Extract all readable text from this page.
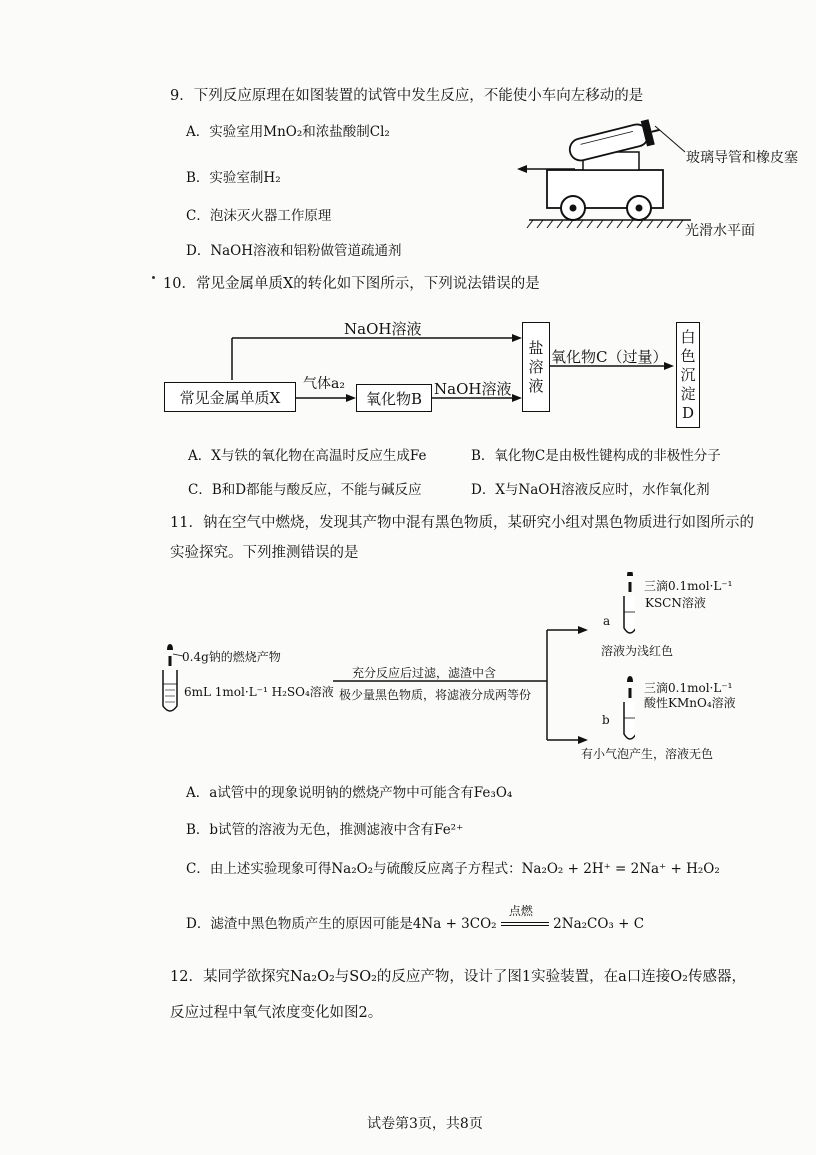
9．下列反应原理在如图装置的试管中发生反应，不能使小车向左移动的是
A．实验室用MnO₂和浓盐酸制Cl₂
B．实验室制H₂
C．泡沫灭火器工作原理
D．NaOH溶液和铝粉做管道疏通剂
玻璃导管和橡皮塞
光滑水平面
10．常见金属单质X的转化如下图所示，下列说法错误的是
常见金属单质X
气体a₂
氧化物B
NaOH溶液
NaOH溶液
盐
溶
液
氧化物C（过量）
白
色
沉
淀
D
A．X与铁的氧化物在高温时反应生成Fe	B．氧化物C是由极性键构成的非极性分子
C．B和D都能与酸反应，不能与碱反应	D．X与NaOH溶液反应时，水作氧化剂
11．钠在空气中燃烧，发现其产物中混有黑色物质，某研究小组对黑色物质进行如图所示的
实验探究。下列推测错误的是
0.4g钠的燃烧产物
6mL 1mol·L⁻¹ H₂SO₄溶液
充分反应后过滤，滤渣中含
极少量黑色物质，将滤液分成两等份
三滴0.1mol·L⁻¹
KSCN溶液
a
溶液为浅红色
三滴0.1mol·L⁻¹
酸性KMnO₄溶液
b
有小气泡产生，溶液无色
A．a试管中的现象说明钠的燃烧产物中可能含有Fe₃O₄
B．b试管的溶液为无色，推测滤液中含有Fe²⁺
C．由上述实验现象可得Na₂O₂与硫酸反应离子方程式：Na₂O₂ + 2H⁺ = 2Na⁺ + H₂O₂
D．滤渣中黑色物质产生的原因可能是4Na + 3CO₂
点燃
2Na₂CO₃ + C
12．某同学欲探究Na₂O₂与SO₂的反应产物，设计了图1实验装置，在a口连接O₂传感器，
反应过程中氧气浓度变化如图2。
试卷第3页，共8页
